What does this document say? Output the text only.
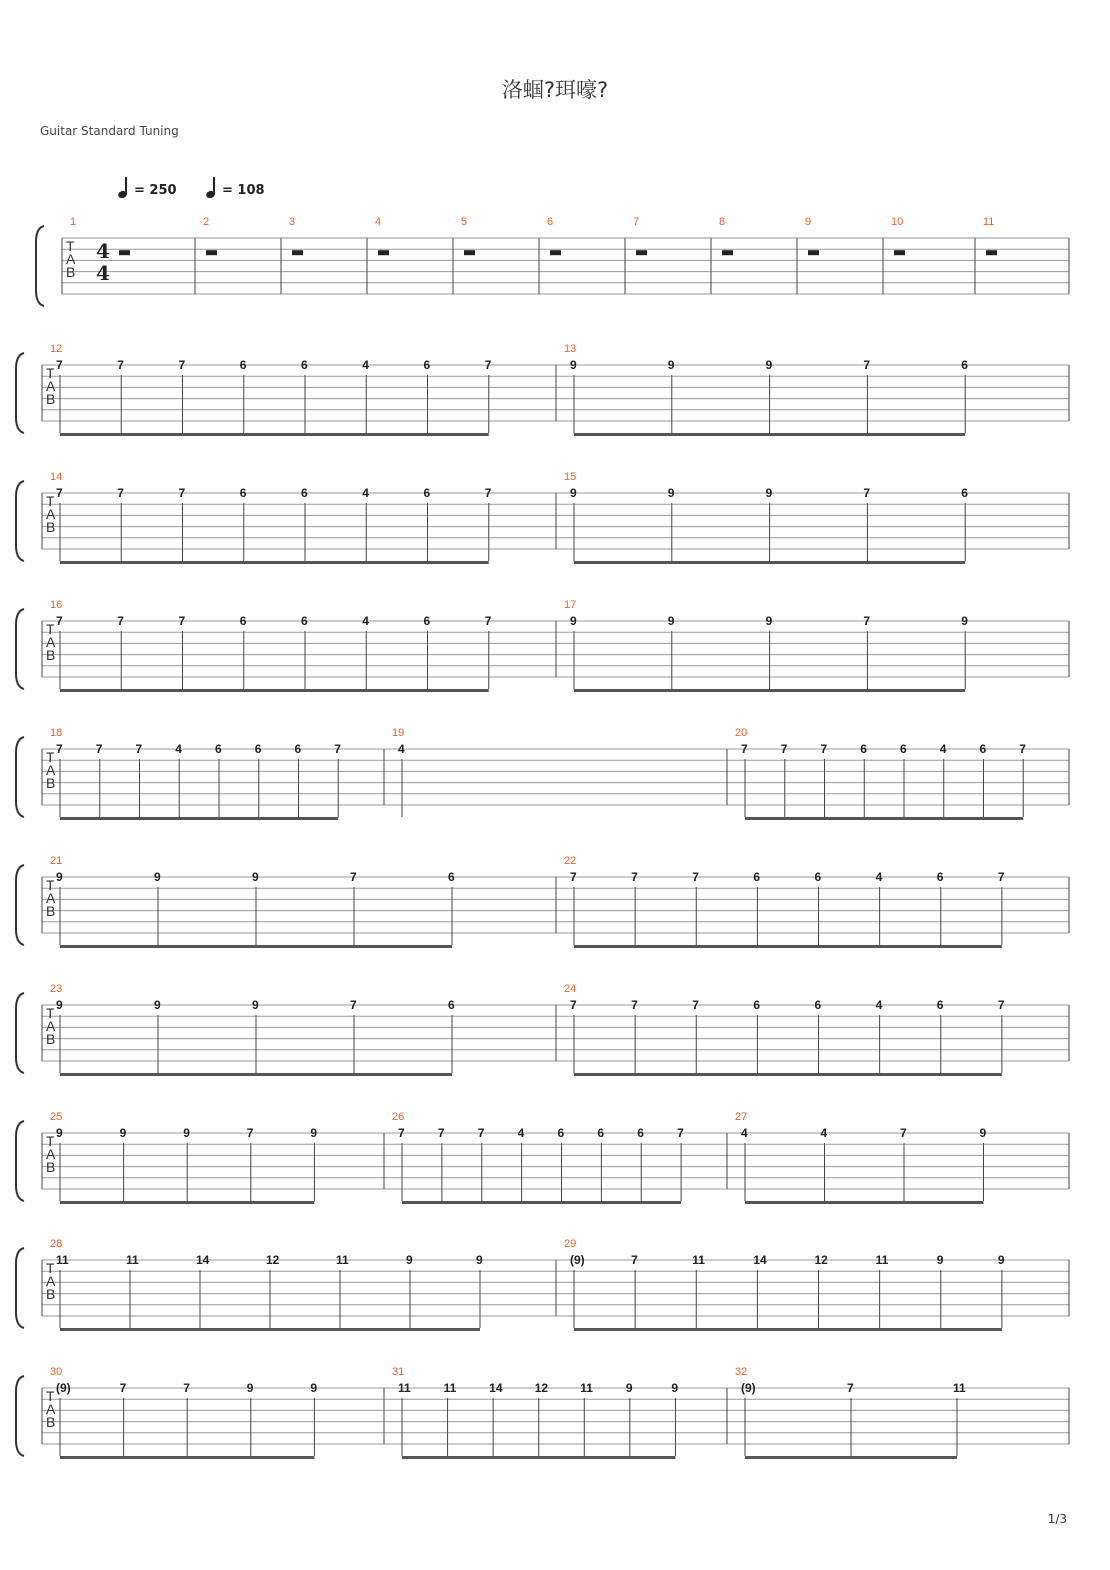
洛蝈?珥嚎?
Guitar Standard Tuning
= 250	= 108
T
A
B
4
4
1	2	3	4	5	6	7	8	9	10	11
T
A
B
12
7	7	7	6	6	4	6	7
13
9	9	9	7	6
T
A
B
14
7	7	7	6	6	4	6	7
15
9	9	9	7	6
T
A
B
16
7	7	7	6	6	4	6	7
17
9	9	9	7	9
T
A
B
18
7	7	7	4	6	6	6	7
19
4
20
7	7	7	6	6	4	6	7
T
A
B
21
9	9	9	7	6
22
7	7	7	6	6	4	6	7
T
A
B
23
9	9	9	7	6
24
7	7	7	6	6	4	6	7
T
A
B
25
9	9	9	7	9
26
7	7	7	4	6	6	6	7
27
4	4	7	9
T
A
B
28
11	11	14	12	11	9	9
29
(9)	7	11	14	12	11	9	9
T
A
B
30
(9)	7	7	9	9
31
11	11	14	12	11	9	9
32
(9)	7	11
1/3
